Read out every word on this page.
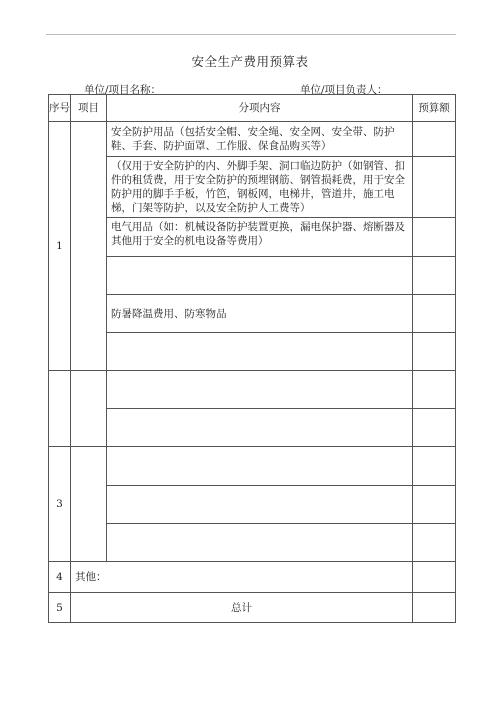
安全生产费用预算表
单位/项目名称：	单位/项目负责人：
序号	项目	分项内容	预算额
1		安全防护用品（包括安全帽、安全绳、安全网、安全带、防护鞋、手套、防护面罩、工作服、保食品购买等）	
		（仅用于安全防护的内、外脚手架、洞口临边防护（如钢管、扣件的租赁费，用于安全防护的预埋钢筋、钢管损耗费，用于安全防护用的脚手手板，竹笆，钢板网，电梯井，管道井，施工电梯，门架等防护，以及安全防护人工费等）	
		电气用品（如：机械设备防护装置更换，漏电保护器、熔断器及其他用于安全的机电设备等费用）	

		防暑降温费用、防寒物品	

3			

4	其他：		
5	总计		
